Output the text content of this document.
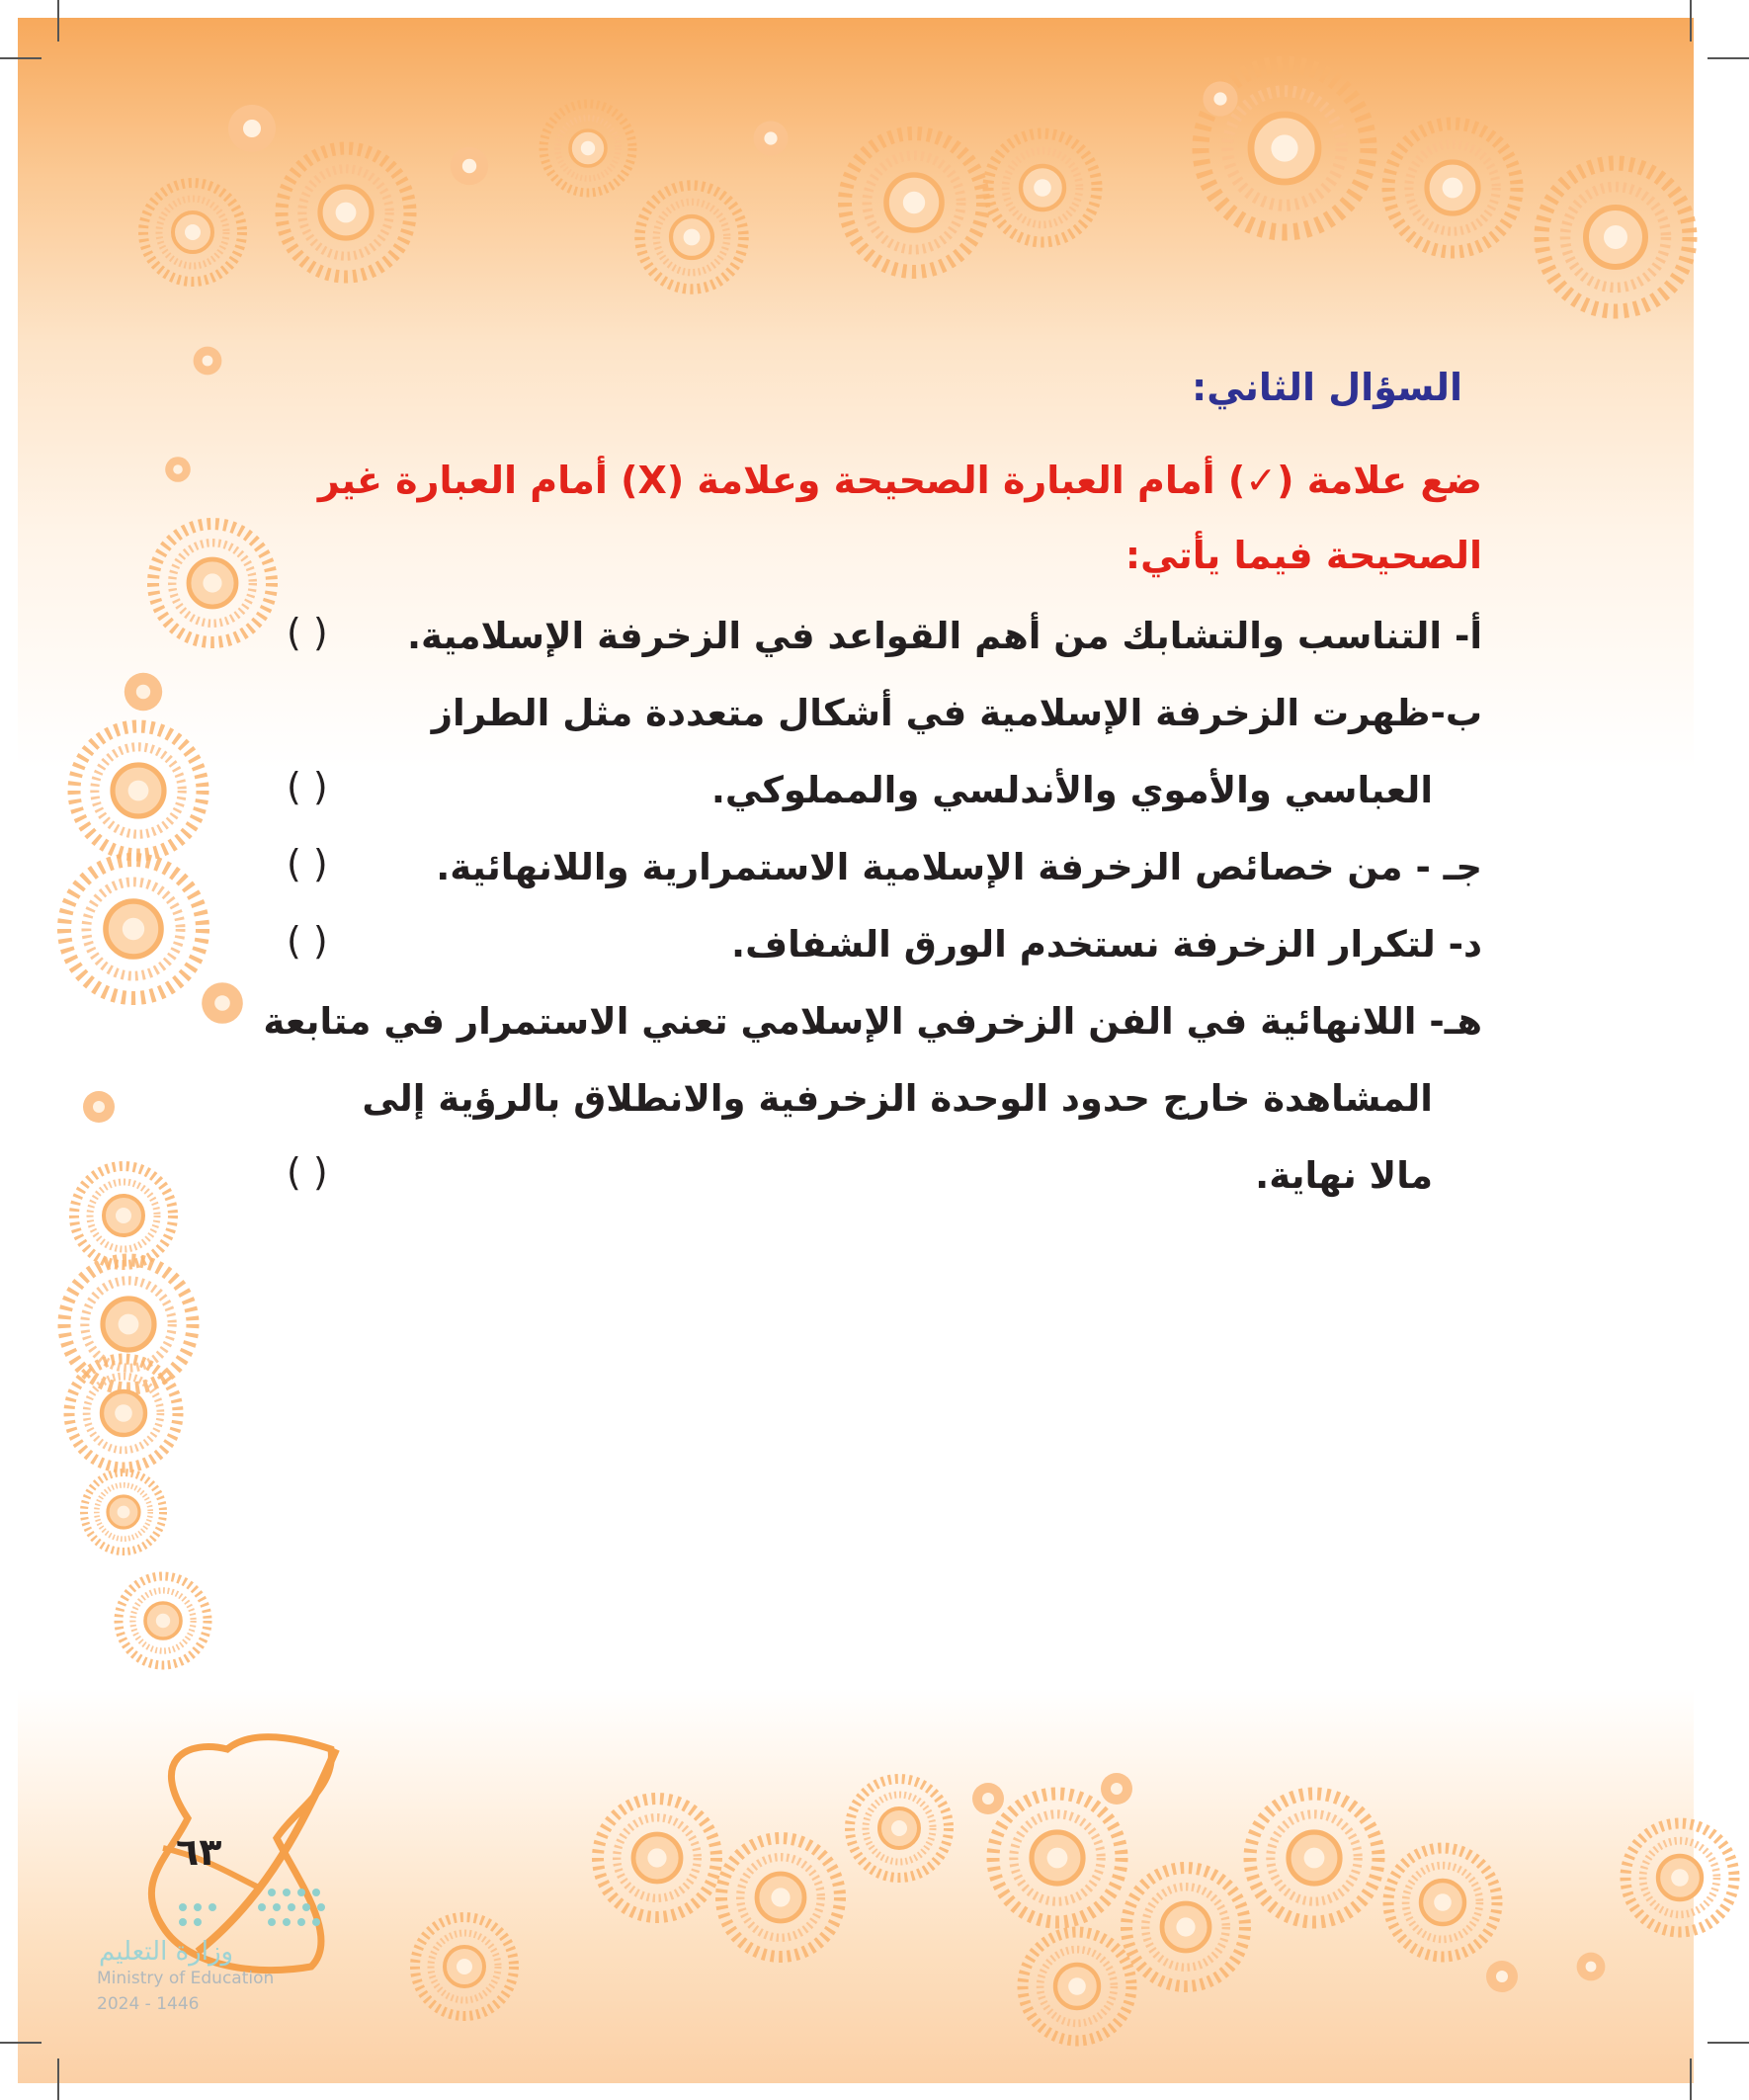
السؤال الثاني:
ضع علامة (✓) أمام العبارة الصحيحة وعلامة (X) أمام العبارة غير
الصحيحة فيما يأتي:
أ- التناسب والتشابك من أهم القواعد في الزخرفة الإسلامية.
ب-ظهرت الزخرفة الإسلامية في أشكال متعددة مثل الطراز
العباسي والأموي والأندلسي والمملوكي.
جـ - من خصائص الزخرفة الإسلامية الاستمرارية واللانهائية.
د- لتكرار الزخرفة نستخدم الورق الشفاف.
هـ- اللانهائية في الفن الزخرفي الإسلامي تعني الاستمرار في متابعة
المشاهدة خارج حدود الوحدة الزخرفية والانطلاق بالرؤية إلى
مالا نهاية.
( )
( )
( )
( )
( )
٦٣
وزارة التعليم
Ministry of Education
2024 - 1446
